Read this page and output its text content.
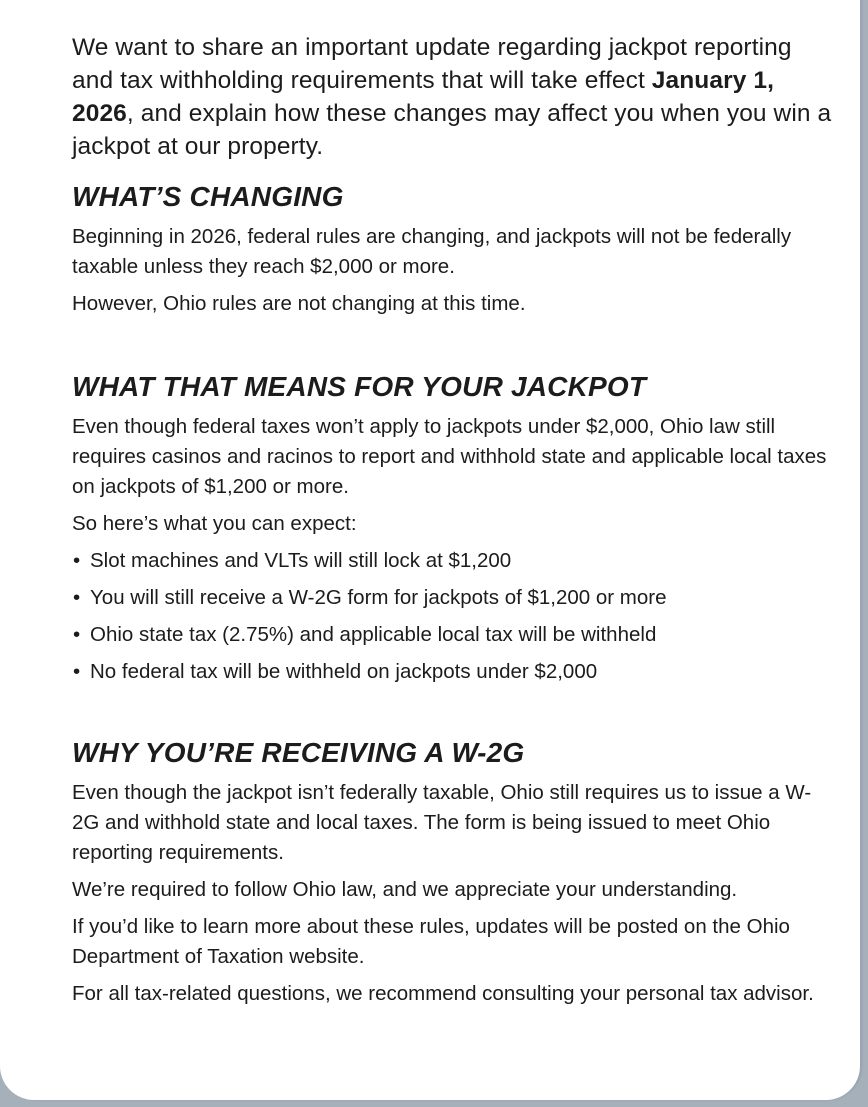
We want to share an important update regarding jackpot reporting and tax withholding requirements that will take effect January 1, 2026, and explain how these changes may affect you when you win a jackpot at our property.

WHAT’S CHANGING

Beginning in 2026, federal rules are changing, and jackpots will not be federally taxable unless they reach $2,000 or more.

However, Ohio rules are not changing at this time.

WHAT THAT MEANS FOR YOUR JACKPOT

Even though federal taxes won’t apply to jackpots under $2,000, Ohio law still requires casinos and racinos to report and withhold state and applicable local taxes on jackpots of $1,200 or more.

So here’s what you can expect:

• Slot machines and VLTs will still lock at $1,200
• You will still receive a W-2G form for jackpots of $1,200 or more
• Ohio state tax (2.75%) and applicable local tax will be withheld
• No federal tax will be withheld on jackpots under $2,000
WHY YOU’RE RECEIVING A W-2G

Even though the jackpot isn’t federally taxable, Ohio still requires us to issue a W-2G and withhold state and local taxes. The form is being issued to meet Ohio reporting requirements.

We’re required to follow Ohio law, and we appreciate your understanding.

If you’d like to learn more about these rules, updates will be posted on the Ohio Department of Taxation website.

For all tax-related questions, we recommend consulting your personal tax advisor.
